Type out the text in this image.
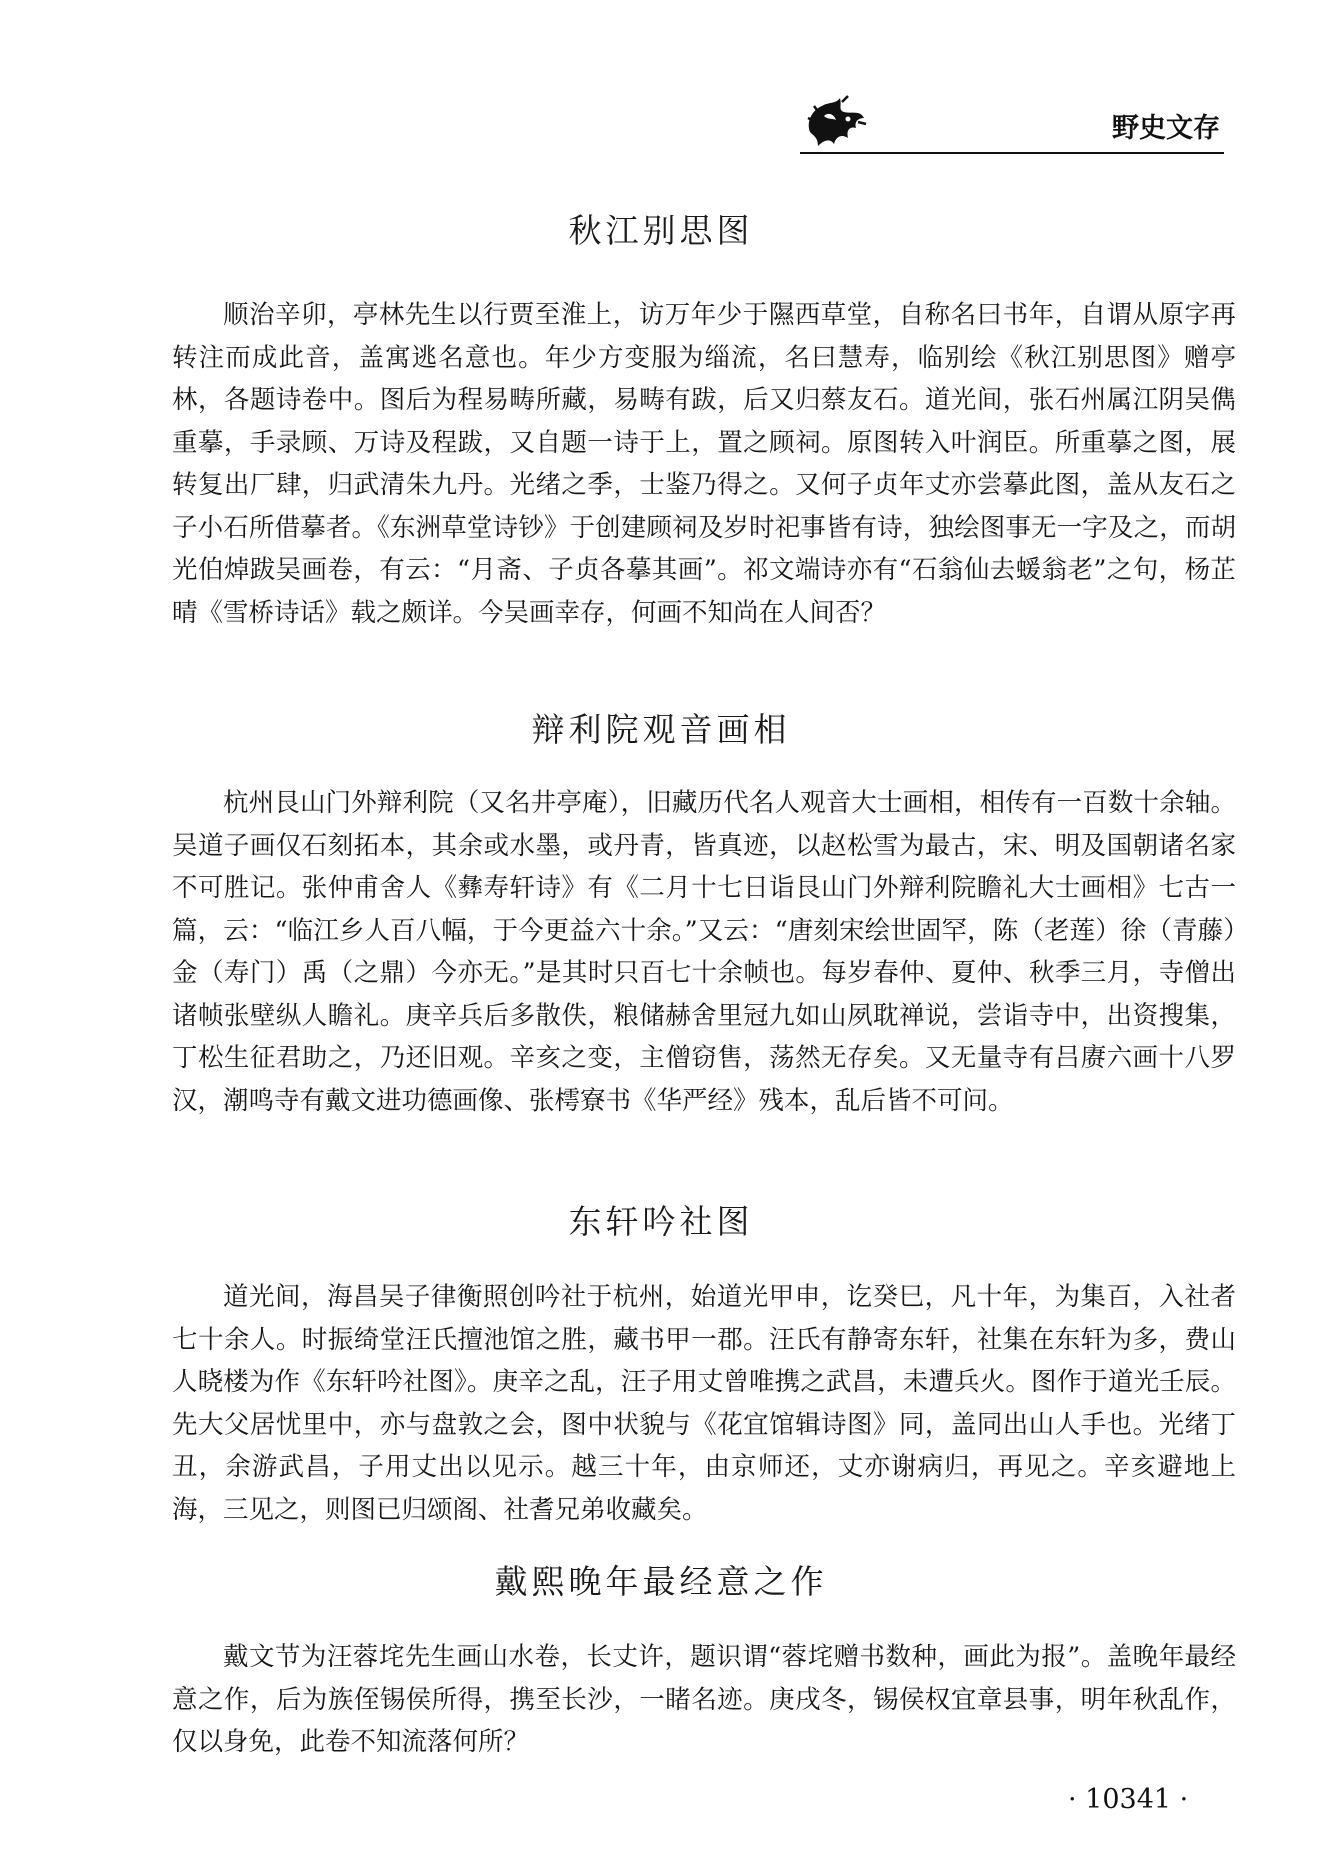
野史文存
秋江别思图

顺治辛卯，亭林先生以行贾至淮上，访万年少于隰西草堂，自称名曰书年，自谓从原字再转注而成此音，盖寓逃名意也。年少方变服为缁流，名曰慧寿，临别绘《秋江别思图》赠亭林，各题诗卷中。图后为程易畴所藏，易畴有跋，后又归蔡友石。道光间，张石州属江阴吴儁重摹，手录顾、万诗及程跋，又自题一诗于上，置之顾祠。原图转入叶润臣。所重摹之图，展转复出厂肆，归武清朱九丹。光绪之季，士鉴乃得之。又何子贞年丈亦尝摹此图，盖从友石之子小石所借摹者。《东洲草堂诗钞》于创建顾祠及岁时祀事皆有诗，独绘图事无一字及之，而胡光伯焯跋吴画卷，有云：“月斋、子贞各摹其画”。祁文端诗亦有“石翁仙去蝯翁老”之句，杨芷晴《雪桥诗话》载之颇详。今吴画幸存，何画不知尚在人间否？

辩利院观音画相

杭州艮山门外辩利院（又名井亭庵），旧藏历代名人观音大士画相，相传有一百数十余轴。吴道子画仅石刻拓本，其余或水墨，或丹青，皆真迹，以赵松雪为最古，宋、明及国朝诸名家不可胜记。张仲甫舍人《彝寿轩诗》有《二月十七日诣艮山门外辩利院瞻礼大士画相》七古一篇，云：“临江乡人百八幅，于今更益六十余。”又云：“唐刻宋绘世固罕，陈（老莲）徐（青藤）金（寿门）禹（之鼎）今亦无。”是其时只百七十余帧也。每岁春仲、夏仲、秋季三月，寺僧出诸帧张壁纵人瞻礼。庚辛兵后多散佚，粮储赫舍里冠九如山夙耽禅说，尝诣寺中，出资搜集，丁松生征君助之，乃还旧观。辛亥之变，主僧窃售，荡然无存矣。又无量寺有吕赓六画十八罗汉，潮鸣寺有戴文进功德画像、张樗寮书《华严经》残本，乱后皆不可问。

东轩吟社图

道光间，海昌吴子律衡照创吟社于杭州，始道光甲申，讫癸巳，凡十年，为集百，入社者七十余人。时振绮堂汪氏擅池馆之胜，藏书甲一郡。汪氏有静寄东轩，社集在东轩为多，费山人晓楼为作《东轩吟社图》。庚辛之乱，汪子用丈曾唯携之武昌，未遭兵火。图作于道光壬辰。先大父居忧里中，亦与盘敦之会，图中状貌与《花宜馆辑诗图》同，盖同出山人手也。光绪丁丑，余游武昌，子用丈出以见示。越三十年，由京师还，丈亦谢病归，再见之。辛亥避地上海，三见之，则图已归颂阁、社耆兄弟收藏矣。

戴熙晚年最经意之作

戴文节为汪蓉垞先生画山水卷，长丈许，题识谓“蓉垞赠书数种，画此为报”。盖晚年最经意之作，后为族侄锡侯所得，携至长沙，一睹名迹。庚戌冬，锡侯权宜章县事，明年秋乱作，仅以身免，此卷不知流落何所？

· 10341 ·
